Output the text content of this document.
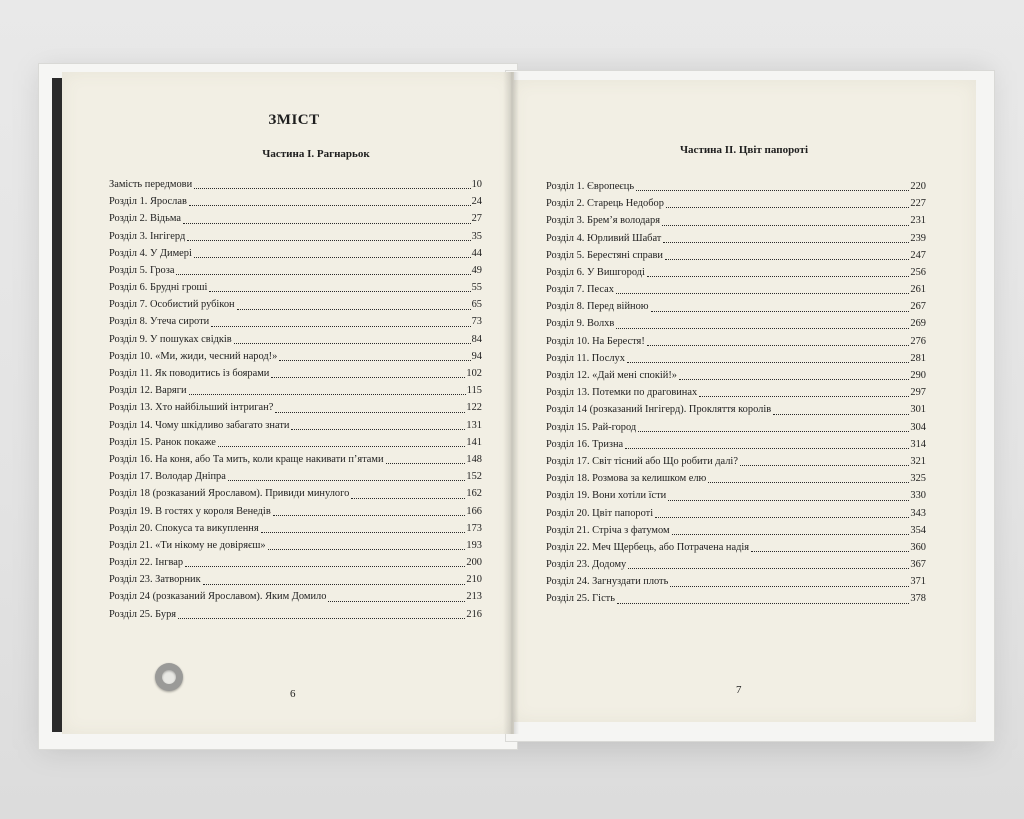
ЗМІСТ
Частина I. Рагнарьок
Замість передмови	10
Розділ 1. Ярослав	24
Розділ 2. Відьма	27
Розділ 3. Інгігерд	35
Розділ 4. У Димері	44
Розділ 5. Гроза	49
Розділ 6. Брудні гроші	55
Розділ 7. Особистий рубікон	65
Розділ 8. Утеча сироти	73
Розділ 9. У пошуках свідків	84
Розділ 10. «Ми, жиди, чесний народ!»	94
Розділ 11. Як поводитись із боярами	102
Розділ 12. Варяги	115
Розділ 13. Хто найбільший інтриган?	122
Розділ 14. Чому шкідливо забагато знати	131
Розділ 15. Ранок покаже	141
Розділ 16. На коня, або Та мить, коли краще накивати п’ятами	148
Розділ 17. Володар Дніпра	152
Розділ 18 (розказаний Ярославом). Привиди минулого	162
Розділ 19. В гостях у короля Венедів	166
Розділ 20. Спокуса та викуплення	173
Розділ 21. «Ти нікому не довіряєш»	193
Розділ 22. Інгвар	200
Розділ 23. Затворник	210
Розділ 24 (розказаний Ярославом). Яким Домило	213
Розділ 25. Буря	216
6
Частина II. Цвіт папороті
Розділ 1. Європеєць	220
Розділ 2. Старець Недобор	227
Розділ 3. Брем’я володаря	231
Розділ 4. Юрливий Шабат	239
Розділ 5. Берестяні справи	247
Розділ 6. У Вишгороді	256
Розділ 7. Песах	261
Розділ 8. Перед війною	267
Розділ 9. Волхв	269
Розділ 10. На Берестя!	276
Розділ 11. Послух	281
Розділ 12. «Дай мені спокій!»	290
Розділ 13. Потемки по драговинах	297
Розділ 14 (розказаний Інгігерд). Прокляття королів	301
Розділ 15. Рай-город	304
Розділ 16. Тризна	314
Розділ 17. Світ тісний або Що робити далі?	321
Розділ 18. Розмова за келишком елю	325
Розділ 19. Вони хотіли їсти	330
Розділ 20. Цвіт папороті	343
Розділ 21. Стріча з фатумом	354
Розділ 22. Меч Щербець, або Потрачена надія	360
Розділ 23. Додому	367
Розділ 24. Загнуздати плоть	371
Розділ 25. Гість	378
7
